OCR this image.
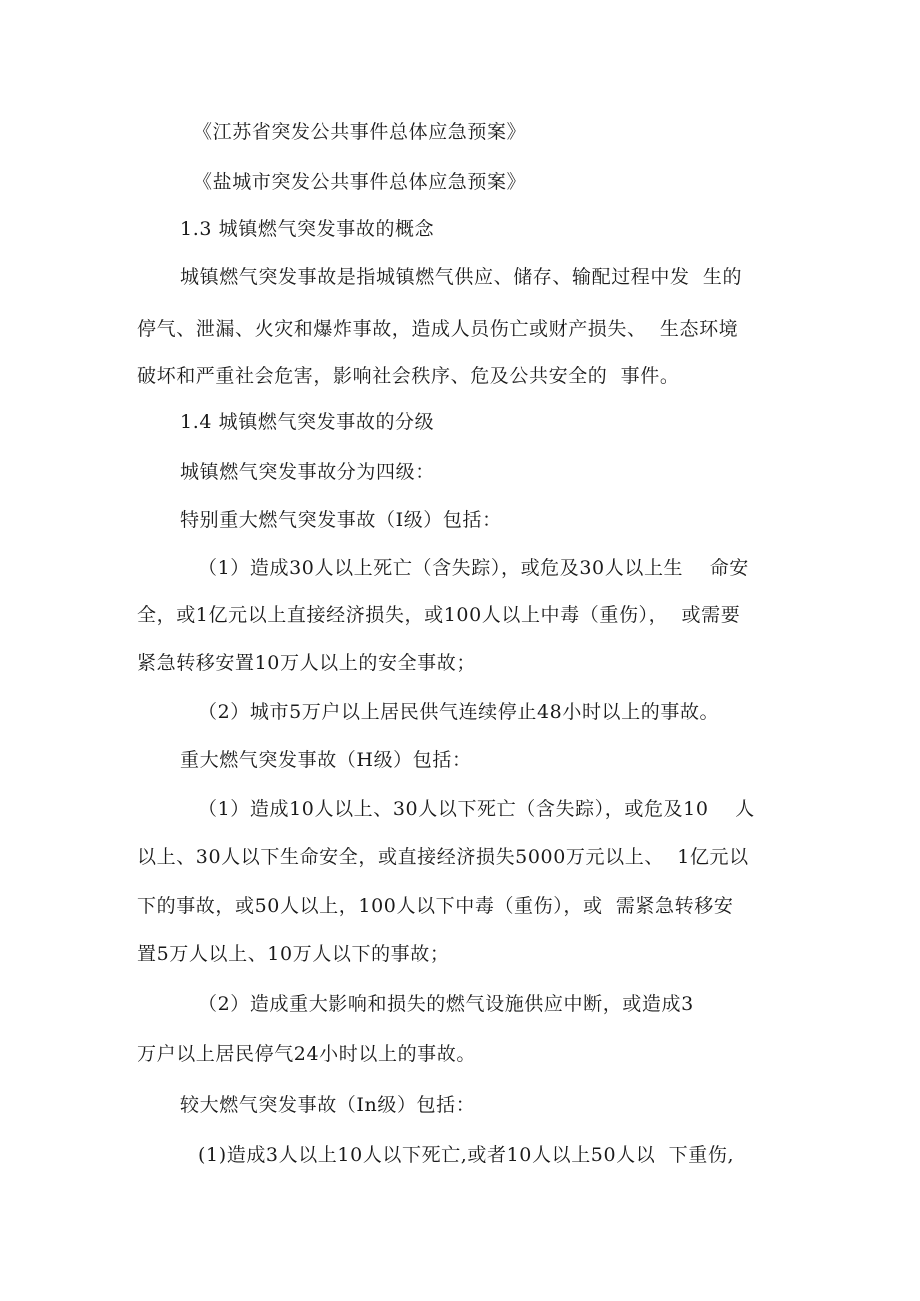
《江苏省突发公共事件总体应急预案》
《盐城市突发公共事件总体应急预案》
1.3 城镇燃气突发事故的概念
城镇燃气突发事故是指城镇燃气供应、储存、输配过程中发  生的
停气、泄漏、火灾和爆炸事故，造成人员伤亡或财产损失、  生态环境
破坏和严重社会危害，影响社会秩序、危及公共安全的  事件。
1.4 城镇燃气突发事故的分级
城镇燃气突发事故分为四级：
特别重大燃气突发事故（I级）包括：
（1）造成30人以上死亡（含失踪），或危及30人以上生    命安
全，或1亿元以上直接经济损失，或100人以上中毒（重伤），  或需要
紧急转移安置10万人以上的安全事故；
（2）城市5万户以上居民供气连续停止48小时以上的事故。
重大燃气突发事故（H级）包括：
（1）造成10人以上、30人以下死亡（含失踪），或危及10    人
以上、30人以下生命安全，或直接经济损失5000万元以上、  1亿元以
下的事故，或50人以上，100人以下中毒（重伤），或  需紧急转移安
置5万人以上、10万人以下的事故；
（2）造成重大影响和损失的燃气设施供应中断，或造成3
万户以上居民停气24小时以上的事故。
较大燃气突发事故（In级）包括：
(1)造成3人以上10人以下死亡,或者10人以上50人以  下重伤,
